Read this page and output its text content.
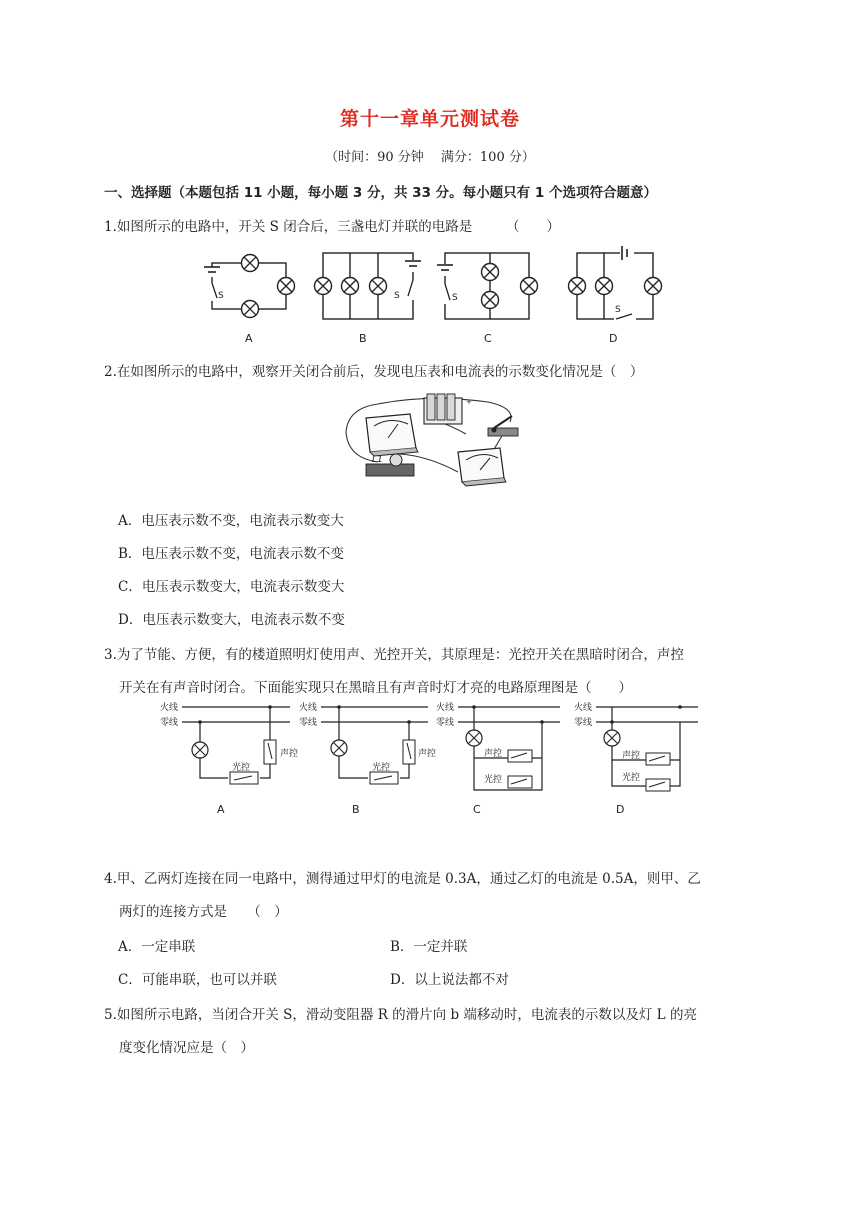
第十一章单元测试卷
（时间：90 分钟　 满分：100 分）
一、选择题（本题包括 11 小题，每小题 3 分，共 33 分。每小题只有 1 个选项符合题意）
1.如图所示的电路中，开关 S 闭合后，三盏电灯并联的电路是　　　（　　）
S	S	S
S
A	B	C	D
2.在如图所示的电路中，观察开关闭合前后，发现电压表和电流表的示数变化情况是（　）
+
L1
A．电压表示数不变，电流表示数变大
B．电压表示数不变，电流表示数不变
C．电压表示数变大，电流表示数变大
D．电压表示数变大，电流表示数不变
3.为了节能、方便，有的楼道照明灯使用声、光控开关，其原理是：光控开关在黑暗时闭合，声控
开关在有声音时闭合。下面能实现只在黑暗且有声音时灯才亮的电路原理图是（　　）
火线
零线
光控
声控
A
火线
零线
光控
声控
B
火线
零线
声控
光控
C
火线
零线
声控
光控
D
4.甲、乙两灯连接在同一电路中，测得通过甲灯的电流是 0.3A，通过乙灯的电流是 0.5A，则甲、乙
两灯的连接方式是　　（　）
A．一定串联	B．一定并联
C．可能串联，也可以并联	D．以上说法都不对
5.如图所示电路，当闭合开关 S，滑动变阻器 R 的滑片向 b 端移动时，电流表的示数以及灯 L 的亮
度变化情况应是（　）
